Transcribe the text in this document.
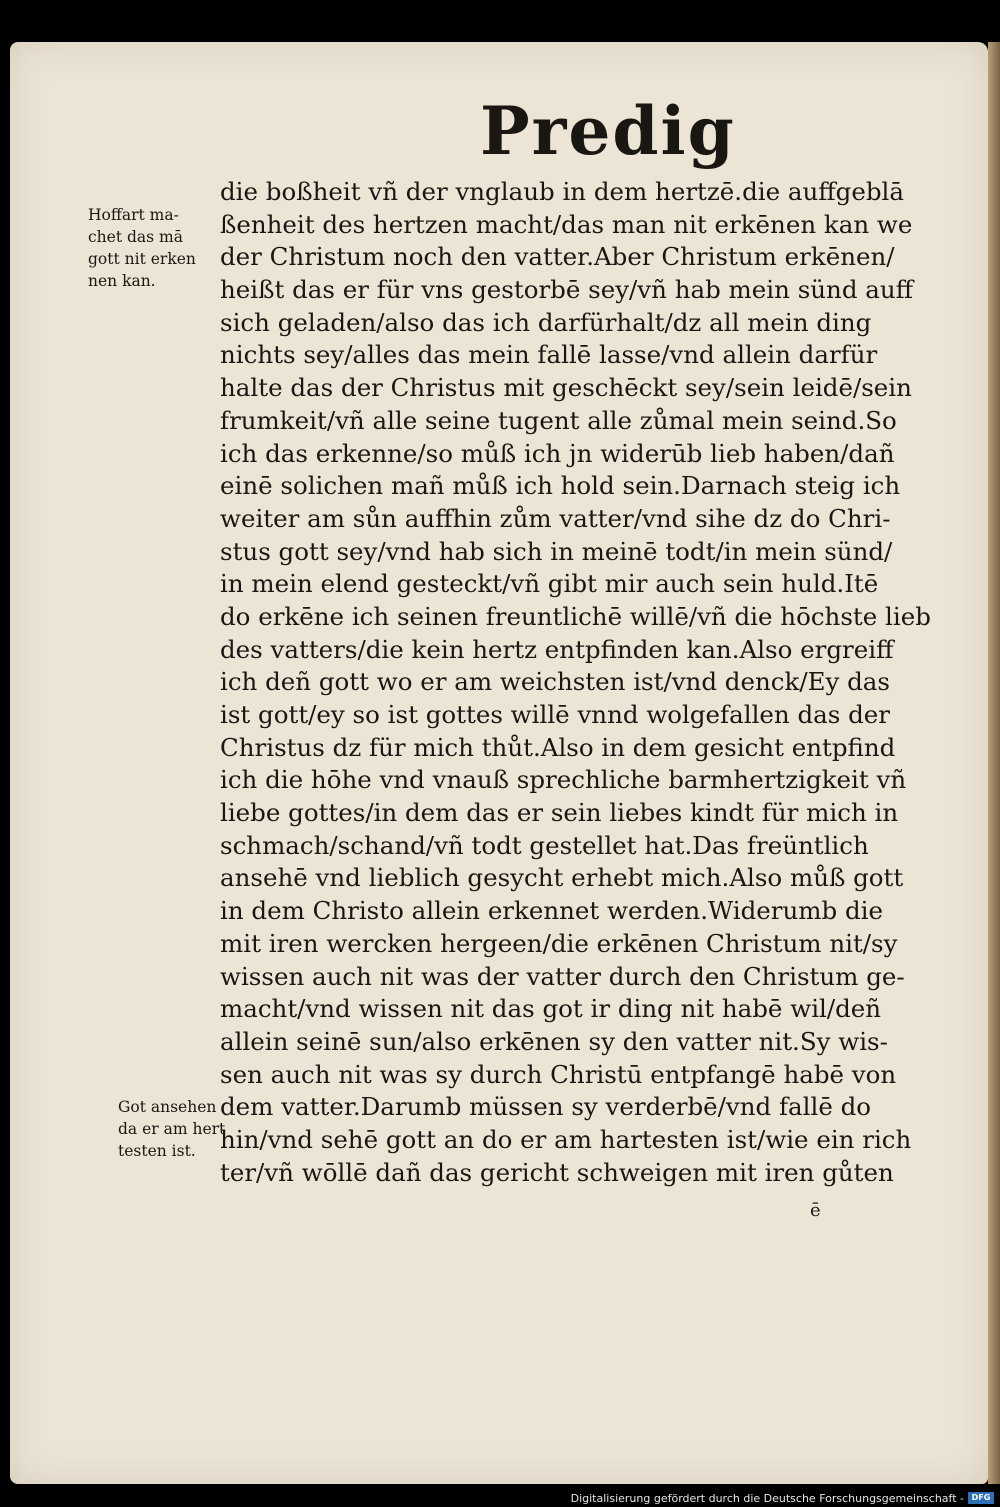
Predig
Hoffart ma-
chet das mā
gott nit erken
nen kan.
Got ansehen
da er am hert
testen ist.
die boßheit vñ der vnglaub in dem hertzē.die auffgeblā
ßenheit des hertzen macht/das man nit erkēnen kan we
der Christum noch den vatter.Aber Christum erkēnen/
heißt das er für vns gestorbē sey/vñ hab mein sünd auff
sich geladen/also das ich darfürhalt/dz all mein ding
nichts sey/alles das mein fallē lasse/vnd allein darfür
halte das der Christus mit geschēckt sey/sein leidē/sein
frumkeit/vñ alle seine tugent alle zůmal mein seind.So
ich das erkenne/so můß ich jn widerūb lieb haben/dañ
einē solichen mañ můß ich hold sein.Darnach steig ich
weiter am sůn auffhin zům vatter/vnd sihe dz do Chri-
stus gott sey/vnd hab sich in meinē todt/in mein sünd/
in mein elend gesteckt/vñ gibt mir auch sein huld.Itē
do erkēne ich seinen freuntlichē willē/vñ die hōchste lieb
des vatters/die kein hertz entpfinden kan.Also ergreiff
ich deñ gott wo er am weichsten ist/vnd denck/Ey das
ist gott/ey so ist gottes willē vnnd wolgefallen das der
Christus dz für mich thůt.Also in dem gesicht entpfind
ich die hōhe vnd vnauß sprechliche barmhertzigkeit vñ
liebe gottes/in dem das er sein liebes kindt für mich in
schmach/schand/vñ todt gestellet hat.Das freüntlich
ansehē vnd lieblich gesycht erhebt mich.Also můß gott
in dem Christo allein erkennet werden.Widerumb die
mit iren wercken hergeen/die erkēnen Christum nit/sy
wissen auch nit was der vatter durch den Christum ge-
macht/vnd wissen nit das got ir ding nit habē wil/deñ
allein seinē sun/also erkēnen sy den vatter nit.Sy wis-
sen auch nit was sy durch Christū entpfangē habē von
dem vatter.Darumb müssen sy verderbē/vnd fallē do
hin/vnd sehē gott an do er am hartesten ist/wie ein rich
ter/vñ wōllē dañ das gericht schweigen mit iren gůten
ē
Digitalisierung gefördert durch die Deutsche Forschungsgemeinschaft - DFG
